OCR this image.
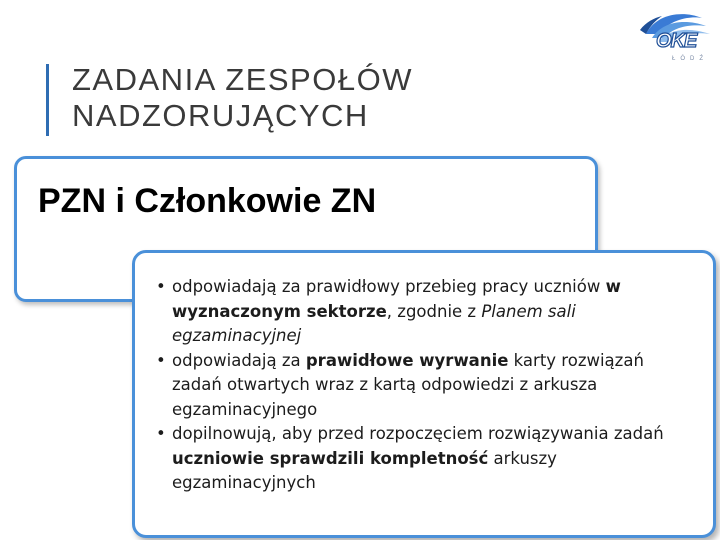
ZADANIA ZESPOŁÓW NADZORUJĄCYCH
OKE
ŁÓDŹ
PZN i Członkowie ZN
• odpowiadają za prawidłowy przebieg pracy uczniów w wyznaczonym sektorze, zgodnie z Planem sali egzaminacyjnej
• odpowiadają za prawidłowe wyrwanie karty rozwiązań zadań otwartych wraz z kartą odpowiedzi z arkusza egzaminacyjnego
• dopilnowują, aby przed rozpoczęciem rozwiązywania zadań uczniowie sprawdzili kompletność arkuszy egzaminacyjnych
